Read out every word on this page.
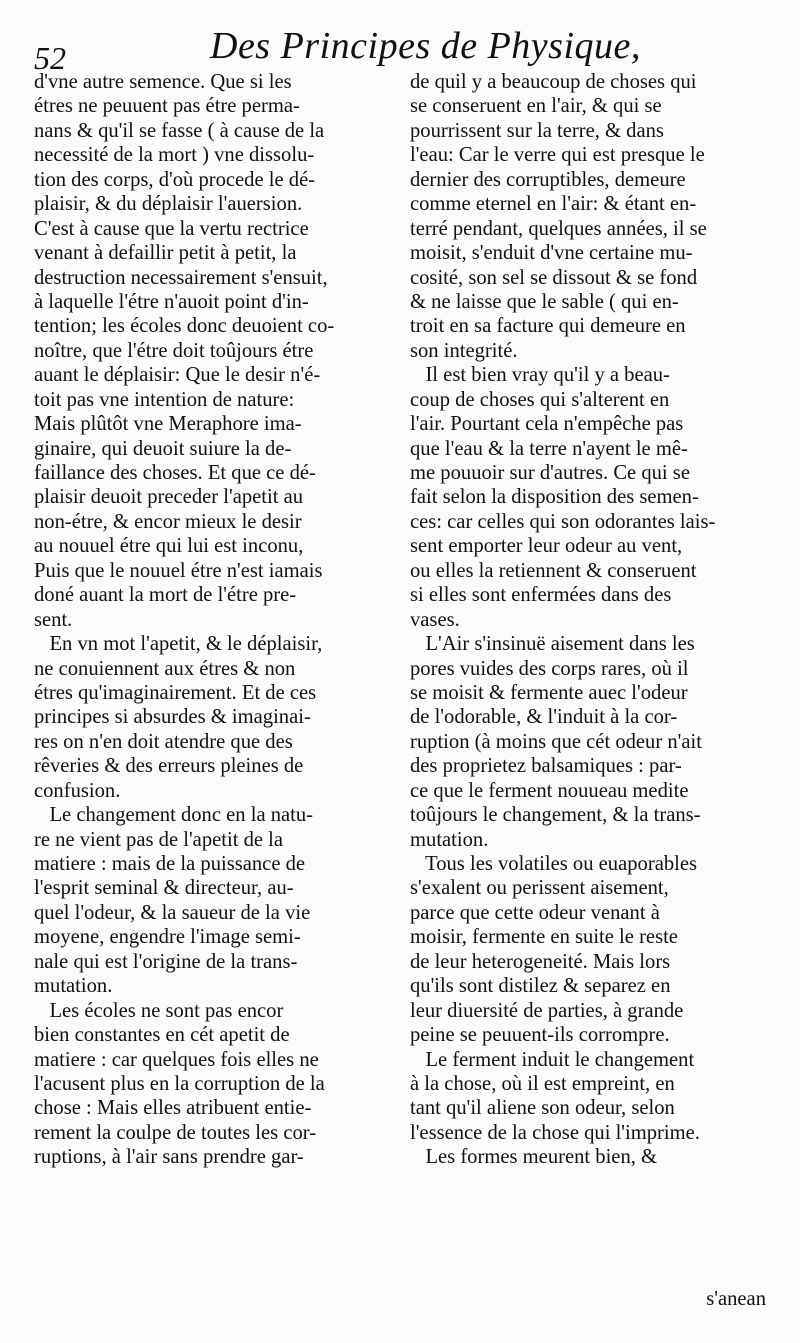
52	Des Principes de Physique,
d'vne autre semence. Que si les
étres ne peuuent pas étre perma-
nans & qu'il se fasse ( à cause de la
necessité de la mort ) vne dissolu-
tion des corps, d'où procede le dé-
plaisir, & du déplaisir l'auersion.
C'est à cause que la vertu rectrice
venant à defaillir petit à petit, la
destruction necessairement s'ensuit,
à laquelle l'étre n'auoit point d'in-
tention; les écoles donc deuoient co-
noître, que l'étre doit toûjours étre
auant le déplaisir: Que le desir n'é-
toit pas vne intention de nature:
Mais plûtôt vne Meraphore ima-
ginaire, qui deuoit suiure la de-
faillance des choses. Et que ce dé-
plaisir deuoit preceder l'apetit au
non-étre, & encor mieux le desir
au nouuel étre qui lui est inconu,
Puis que le nouuel étre n'est iamais
doné auant la mort de l'étre pre-
sent.
En vn mot l'apetit, & le déplaisir,
ne conuiennent aux étres & non
étres qu'imaginairement. Et de ces
principes si absurdes & imaginai-
res on n'en doit atendre que des
rêveries & des erreurs pleines de
confusion.
Le changement donc en la natu-
re ne vient pas de l'apetit de la
matiere : mais de la puissance de
l'esprit seminal & directeur, au-
quel l'odeur, & la saueur de la vie
moyene, engendre l'image semi-
nale qui est l'origine de la trans-
mutation.
Les écoles ne sont pas encor
bien constantes en cét apetit de
matiere : car quelques fois elles ne
l'acusent plus en la corruption de la
chose : Mais elles atribuent entie-
rement la coulpe de toutes les cor-
ruptions, à l'air sans prendre gar-
de quil y a beaucoup de choses qui
se conseruent en l'air, & qui se
pourrissent sur la terre, & dans
l'eau: Car le verre qui est presque le
dernier des corruptibles, demeure
comme eternel en l'air: & étant en-
terré pendant, quelques années, il se
moisit, s'enduit d'vne certaine mu-
cosité, son sel se dissout & se fond
& ne laisse que le sable ( qui en-
troit en sa facture qui demeure en
son integrité.
Il est bien vray qu'il y a beau-
coup de choses qui s'alterent en
l'air. Pourtant cela n'empêche pas
que l'eau & la terre n'ayent le mê-
me pouuoir sur d'autres. Ce qui se
fait selon la disposition des semen-
ces: car celles qui son odorantes lais-
sent emporter leur odeur au vent,
ou elles la retiennent & conseruent
si elles sont enfermées dans des
vases.
L'Air s'insinuë aisement dans les
pores vuides des corps rares, où il
se moisit & fermente auec l'odeur
de l'odorable, & l'induit à la cor-
ruption (à moins que cét odeur n'ait
des proprietez balsamiques : par-
ce que le ferment nouueau medite
toûjours le changement, & la trans-
mutation.
Tous les volatiles ou euaporables
s'exalent ou perissent aisement,
parce que cette odeur venant à
moisir, fermente en suite le reste
de leur heterogeneité. Mais lors
qu'ils sont distilez & separez en
leur diuersité de parties, à grande
peine se peuuent-ils corrompre.
Le ferment induit le changement
à la chose, où il est empreint, en
tant qu'il aliene son odeur, selon
l'essence de la chose qui l'imprime.
Les formes meurent bien, &
s'anean
